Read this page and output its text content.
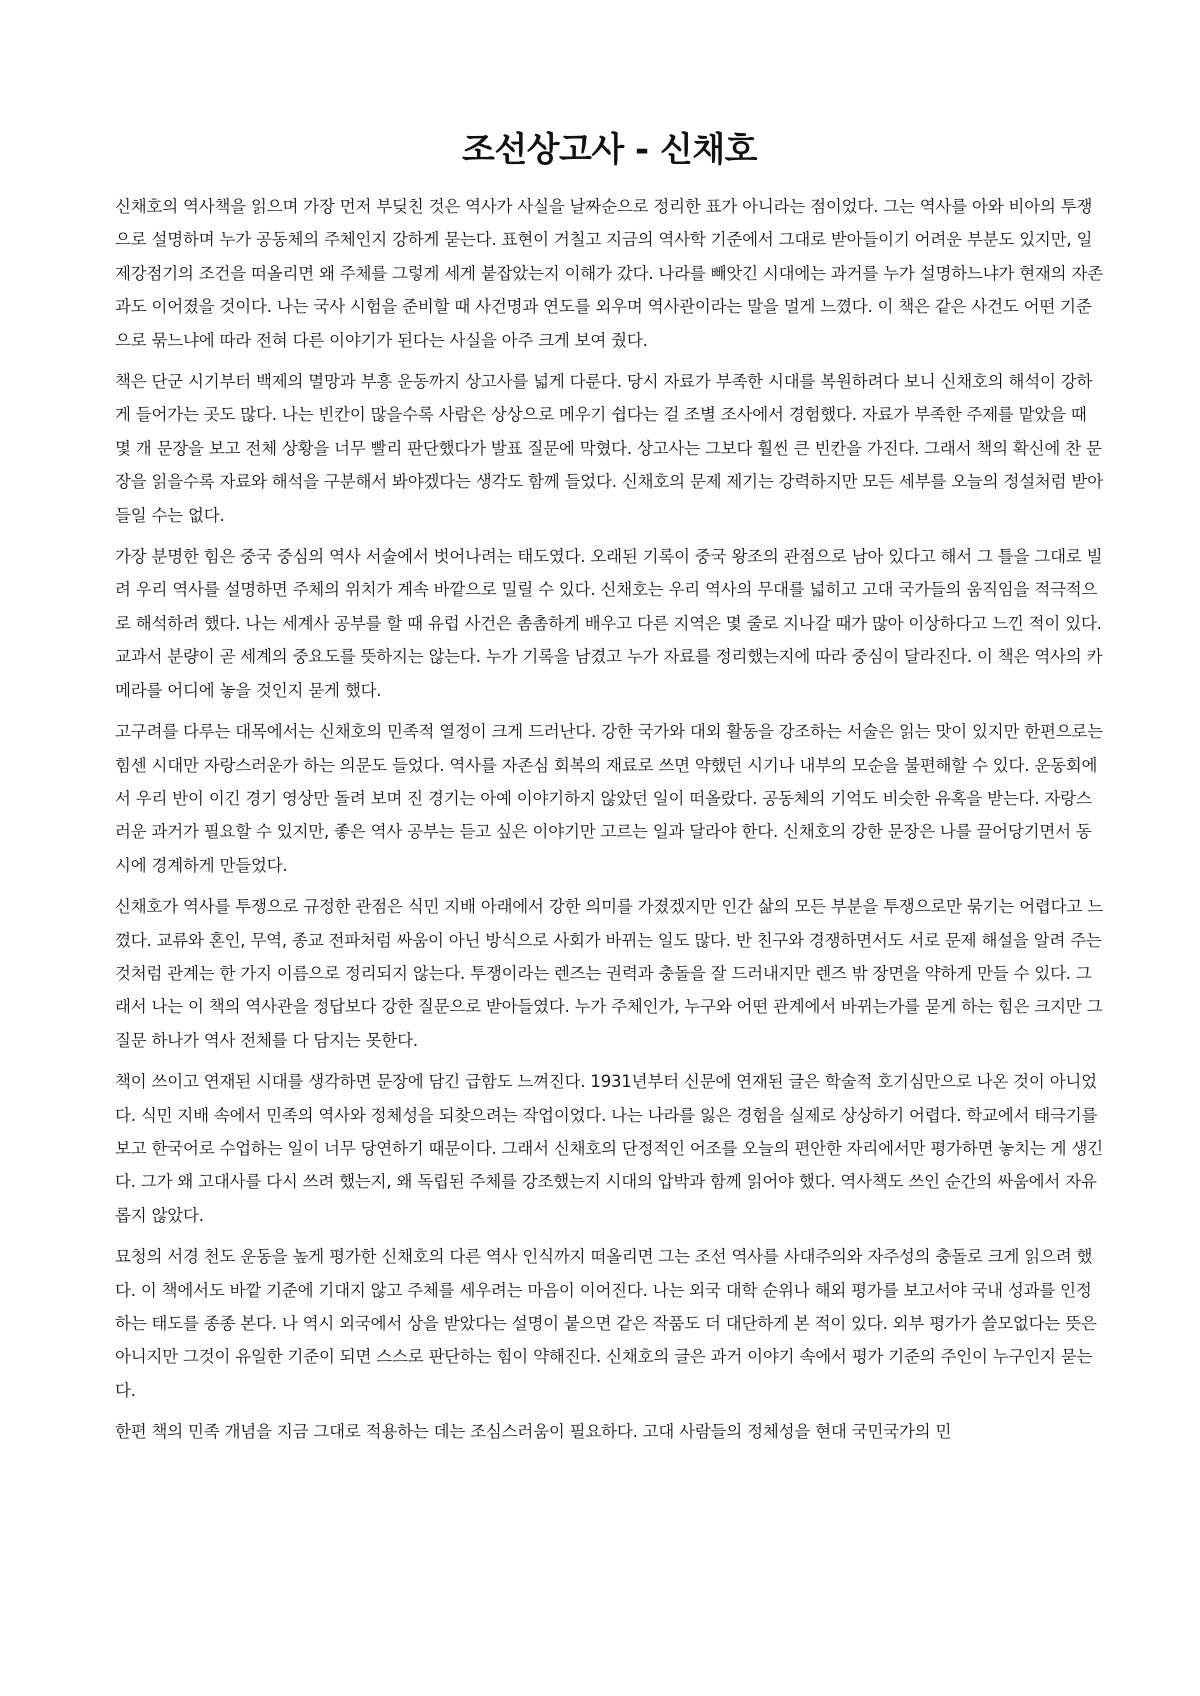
조선상고사 - 신채호

신채호의 역사책을 읽으며 가장 먼저 부딪친 것은 역사가 사실을 날짜순으로 정리한 표가 아니라는 점이었다. 그는 역사를 아와 비아의 투쟁으로 설명하며 누가 공동체의 주체인지 강하게 묻는다. 표현이 거칠고 지금의 역사학 기준에서 그대로 받아들이기 어려운 부분도 있지만, 일제강점기의 조건을 떠올리면 왜 주체를 그렇게 세게 붙잡았는지 이해가 갔다. 나라를 빼앗긴 시대에는 과거를 누가 설명하느냐가 현재의 자존과도 이어졌을 것이다. 나는 국사 시험을 준비할 때 사건명과 연도를 외우며 역사관이라는 말을 멀게 느꼈다. 이 책은 같은 사건도 어떤 기준으로 묶느냐에 따라 전혀 다른 이야기가 된다는 사실을 아주 크게 보여 줬다.

책은 단군 시기부터 백제의 멸망과 부흥 운동까지 상고사를 넓게 다룬다. 당시 자료가 부족한 시대를 복원하려다 보니 신채호의 해석이 강하게 들어가는 곳도 많다. 나는 빈칸이 많을수록 사람은 상상으로 메우기 쉽다는 걸 조별 조사에서 경험했다. 자료가 부족한 주제를 맡았을 때 몇 개 문장을 보고 전체 상황을 너무 빨리 판단했다가 발표 질문에 막혔다. 상고사는 그보다 훨씬 큰 빈칸을 가진다. 그래서 책의 확신에 찬 문장을 읽을수록 자료와 해석을 구분해서 봐야겠다는 생각도 함께 들었다. 신채호의 문제 제기는 강력하지만 모든 세부를 오늘의 정설처럼 받아들일 수는 없다.

가장 분명한 힘은 중국 중심의 역사 서술에서 벗어나려는 태도였다. 오래된 기록이 중국 왕조의 관점으로 남아 있다고 해서 그 틀을 그대로 빌려 우리 역사를 설명하면 주체의 위치가 계속 바깥으로 밀릴 수 있다. 신채호는 우리 역사의 무대를 넓히고 고대 국가들의 움직임을 적극적으로 해석하려 했다. 나는 세계사 공부를 할 때 유럽 사건은 촘촘하게 배우고 다른 지역은 몇 줄로 지나갈 때가 많아 이상하다고 느낀 적이 있다. 교과서 분량이 곧 세계의 중요도를 뜻하지는 않는다. 누가 기록을 남겼고 누가 자료를 정리했는지에 따라 중심이 달라진다. 이 책은 역사의 카메라를 어디에 놓을 것인지 묻게 했다.

고구려를 다루는 대목에서는 신채호의 민족적 열정이 크게 드러난다. 강한 국가와 대외 활동을 강조하는 서술은 읽는 맛이 있지만 한편으로는 힘센 시대만 자랑스러운가 하는 의문도 들었다. 역사를 자존심 회복의 재료로 쓰면 약했던 시기나 내부의 모순을 불편해할 수 있다. 운동회에서 우리 반이 이긴 경기 영상만 돌려 보며 진 경기는 아예 이야기하지 않았던 일이 떠올랐다. 공동체의 기억도 비슷한 유혹을 받는다. 자랑스러운 과거가 필요할 수 있지만, 좋은 역사 공부는 듣고 싶은 이야기만 고르는 일과 달라야 한다. 신채호의 강한 문장은 나를 끌어당기면서 동시에 경계하게 만들었다.

신채호가 역사를 투쟁으로 규정한 관점은 식민 지배 아래에서 강한 의미를 가졌겠지만 인간 삶의 모든 부분을 투쟁으로만 묶기는 어렵다고 느꼈다. 교류와 혼인, 무역, 종교 전파처럼 싸움이 아닌 방식으로 사회가 바뀌는 일도 많다. 반 친구와 경쟁하면서도 서로 문제 해설을 알려 주는 것처럼 관계는 한 가지 이름으로 정리되지 않는다. 투쟁이라는 렌즈는 권력과 충돌을 잘 드러내지만 렌즈 밖 장면을 약하게 만들 수 있다. 그래서 나는 이 책의 역사관을 정답보다 강한 질문으로 받아들였다. 누가 주체인가, 누구와 어떤 관계에서 바뀌는가를 묻게 하는 힘은 크지만 그 질문 하나가 역사 전체를 다 담지는 못한다.

책이 쓰이고 연재된 시대를 생각하면 문장에 담긴 급함도 느껴진다. 1931년부터 신문에 연재된 글은 학술적 호기심만으로 나온 것이 아니었다. 식민 지배 속에서 민족의 역사와 정체성을 되찾으려는 작업이었다. 나는 나라를 잃은 경험을 실제로 상상하기 어렵다. 학교에서 태극기를 보고 한국어로 수업하는 일이 너무 당연하기 때문이다. 그래서 신채호의 단정적인 어조를 오늘의 편안한 자리에서만 평가하면 놓치는 게 생긴다. 그가 왜 고대사를 다시 쓰려 했는지, 왜 독립된 주체를 강조했는지 시대의 압박과 함께 읽어야 했다. 역사책도 쓰인 순간의 싸움에서 자유롭지 않았다.

묘청의 서경 천도 운동을 높게 평가한 신채호의 다른 역사 인식까지 떠올리면 그는 조선 역사를 사대주의와 자주성의 충돌로 크게 읽으려 했다. 이 책에서도 바깥 기준에 기대지 않고 주체를 세우려는 마음이 이어진다. 나는 외국 대학 순위나 해외 평가를 보고서야 국내 성과를 인정하는 태도를 종종 본다. 나 역시 외국에서 상을 받았다는 설명이 붙으면 같은 작품도 더 대단하게 본 적이 있다. 외부 평가가 쓸모없다는 뜻은 아니지만 그것이 유일한 기준이 되면 스스로 판단하는 힘이 약해진다. 신채호의 글은 과거 이야기 속에서 평가 기준의 주인이 누구인지 묻는다.

한편 책의 민족 개념을 지금 그대로 적용하는 데는 조심스러움이 필요하다. 고대 사람들의 정체성을 현대 국민국가의 민
